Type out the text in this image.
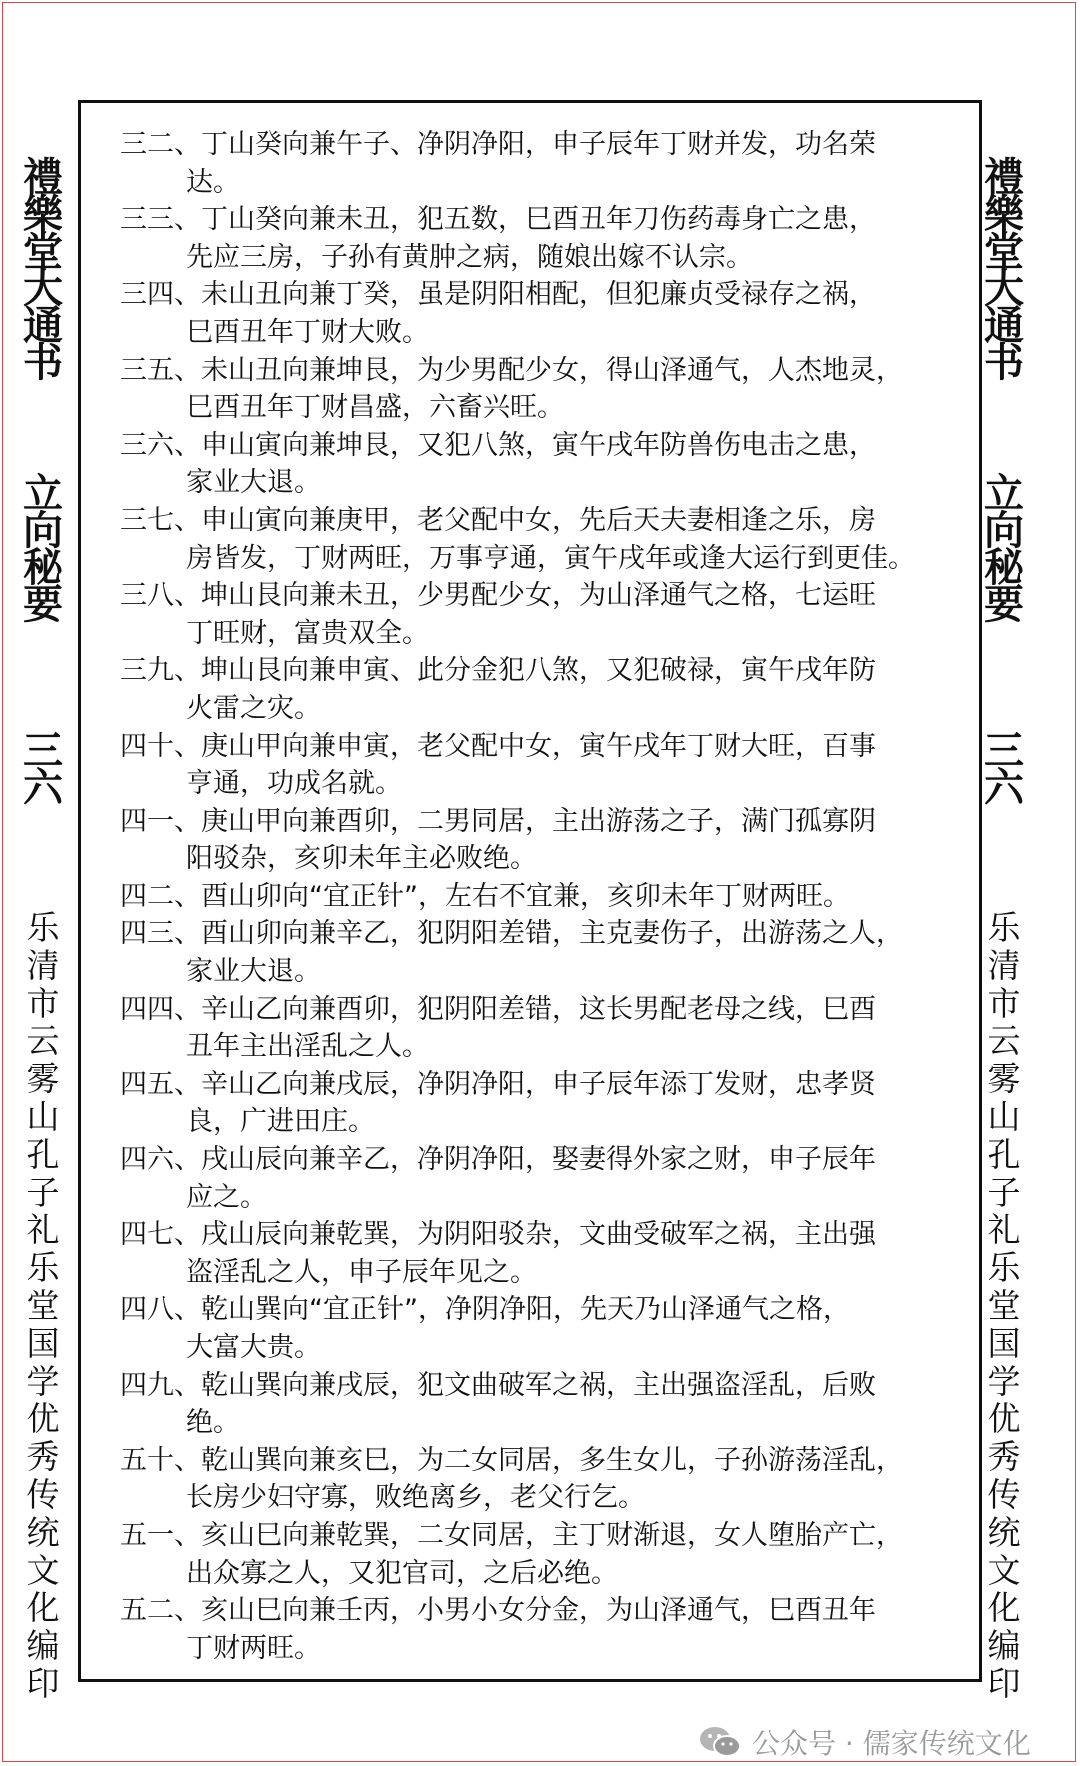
禮
樂
堂
大
通
书
立
向
秘
要
三
六
乐
清
市
云
雾
山
孔
子
礼
乐
堂
国
学
优
秀
传
统
文
化
编
印
禮
樂
堂
大
通
书
立
向
秘
要
三
六
乐
清
市
云
雾
山
孔
子
礼
乐
堂
国
学
优
秀
传
统
文
化
编
印
三二、丁山癸向兼午子、净阴净阳，申子辰年丁财并发，功名荣
达。
三三、丁山癸向兼未丑，犯五数，巳酉丑年刀伤药毒身亡之患，
先应三房，子孙有黄肿之病，随娘出嫁不认宗。
三四、未山丑向兼丁癸，虽是阴阳相配，但犯廉贞受禄存之祸，
巳酉丑年丁财大败。
三五、未山丑向兼坤艮，为少男配少女，得山泽通气，人杰地灵，
巳酉丑年丁财昌盛，六畜兴旺。
三六、申山寅向兼坤艮，又犯八煞，寅午戌年防兽伤电击之患，
家业大退。
三七、申山寅向兼庚甲，老父配中女，先后天夫妻相逢之乐，房
房皆发，丁财两旺，万事亨通，寅午戌年或逢大运行到更佳。
三八、坤山艮向兼未丑，少男配少女，为山泽通气之格，七运旺
丁旺财，富贵双全。
三九、坤山艮向兼申寅、此分金犯八煞，又犯破禄，寅午戌年防
火雷之灾。
四十、庚山甲向兼申寅，老父配中女，寅午戌年丁财大旺，百事
亨通，功成名就。
四一、庚山甲向兼酉卯，二男同居，主出游荡之子，满门孤寡阴
阳驳杂，亥卯未年主必败绝。
四二、酉山卯向“宜正针”，左右不宜兼，亥卯未年丁财两旺。
四三、酉山卯向兼辛乙，犯阴阳差错，主克妻伤子，出游荡之人，
家业大退。
四四、辛山乙向兼酉卯，犯阴阳差错，这长男配老母之线，巳酉
丑年主出淫乱之人。
四五、辛山乙向兼戌辰，净阴净阳，申子辰年添丁发财，忠孝贤
良，广进田庄。
四六、戌山辰向兼辛乙，净阴净阳，娶妻得外家之财，申子辰年
应之。
四七、戌山辰向兼乾巽，为阴阳驳杂，文曲受破军之祸，主出强
盗淫乱之人，申子辰年见之。
四八、乾山巽向“宜正针”，净阴净阳，先天乃山泽通气之格，
大富大贵。
四九、乾山巽向兼戌辰，犯文曲破军之祸，主出强盗淫乱，后败
绝。
五十、乾山巽向兼亥巳，为二女同居，多生女儿，子孙游荡淫乱，
长房少妇守寡，败绝离乡，老父行乞。
五一、亥山巳向兼乾巽，二女同居，主丁财渐退，女人堕胎产亡，
出众寡之人，又犯官司，之后必绝。
五二、亥山巳向兼壬丙，小男小女分金，为山泽通气，巳酉丑年
丁财两旺。
公众号 · 儒家传统文化
